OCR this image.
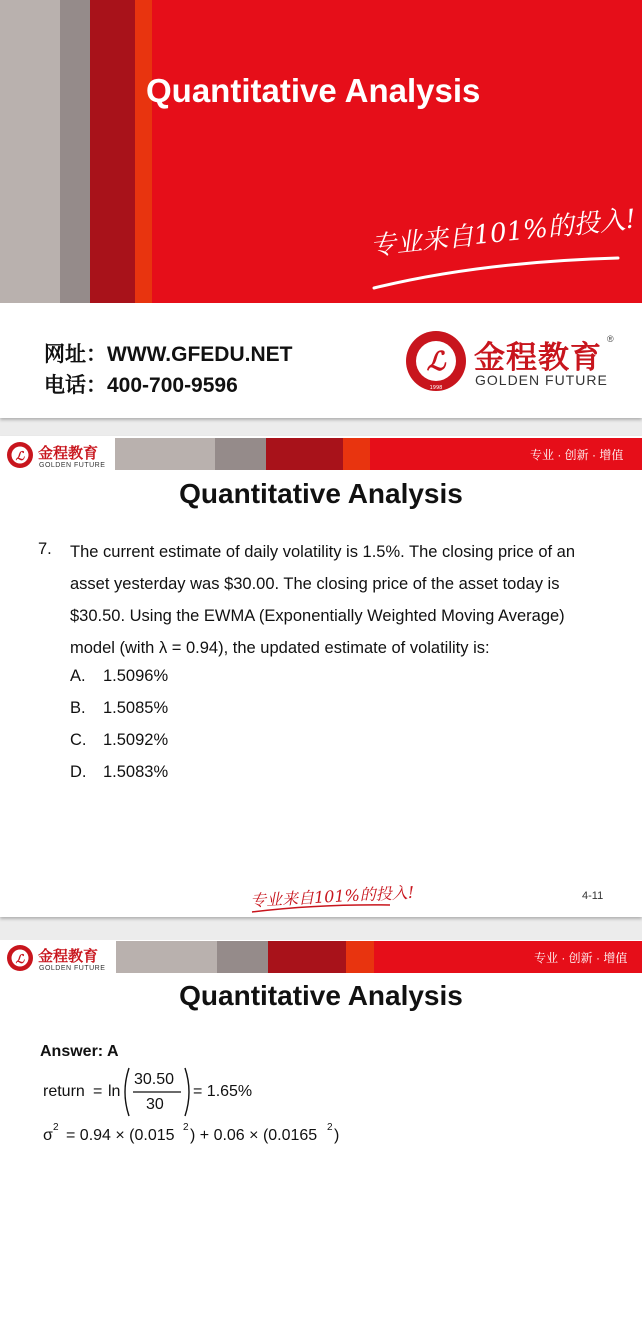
Quantitative Analysis
专业来自101%的投入!
网址：WWW.GFEDU.NET
电话：400-700-9596
ℒ
1998
金程教育
®
GOLDEN FUTURE
专业 · 创新 · 增值
ℒ 金程教育
GOLDEN FUTURE
Quantitative Analysis
7. The current estimate of daily volatility is 1.5%. The closing price of an asset yesterday was $30.00. The closing price of the asset today is $30.50. Using the EWMA (Exponentially Weighted Moving Average) model (with λ = 0.94), the updated estimate of volatility is:

A. 1.5096%
B. 1.5085%
C. 1.5092%
D. 1.5083%
专业来自101%的投入!	4-11
专业 · 创新 · 增值
ℒ 金程教育
GOLDEN FUTURE
Quantitative Analysis
Answer: A
return = ln
30.50
30
= 1.65%
σ 2 = 0.94 × (0.015 2 ) + 0.06 × (0.0165 2 )
